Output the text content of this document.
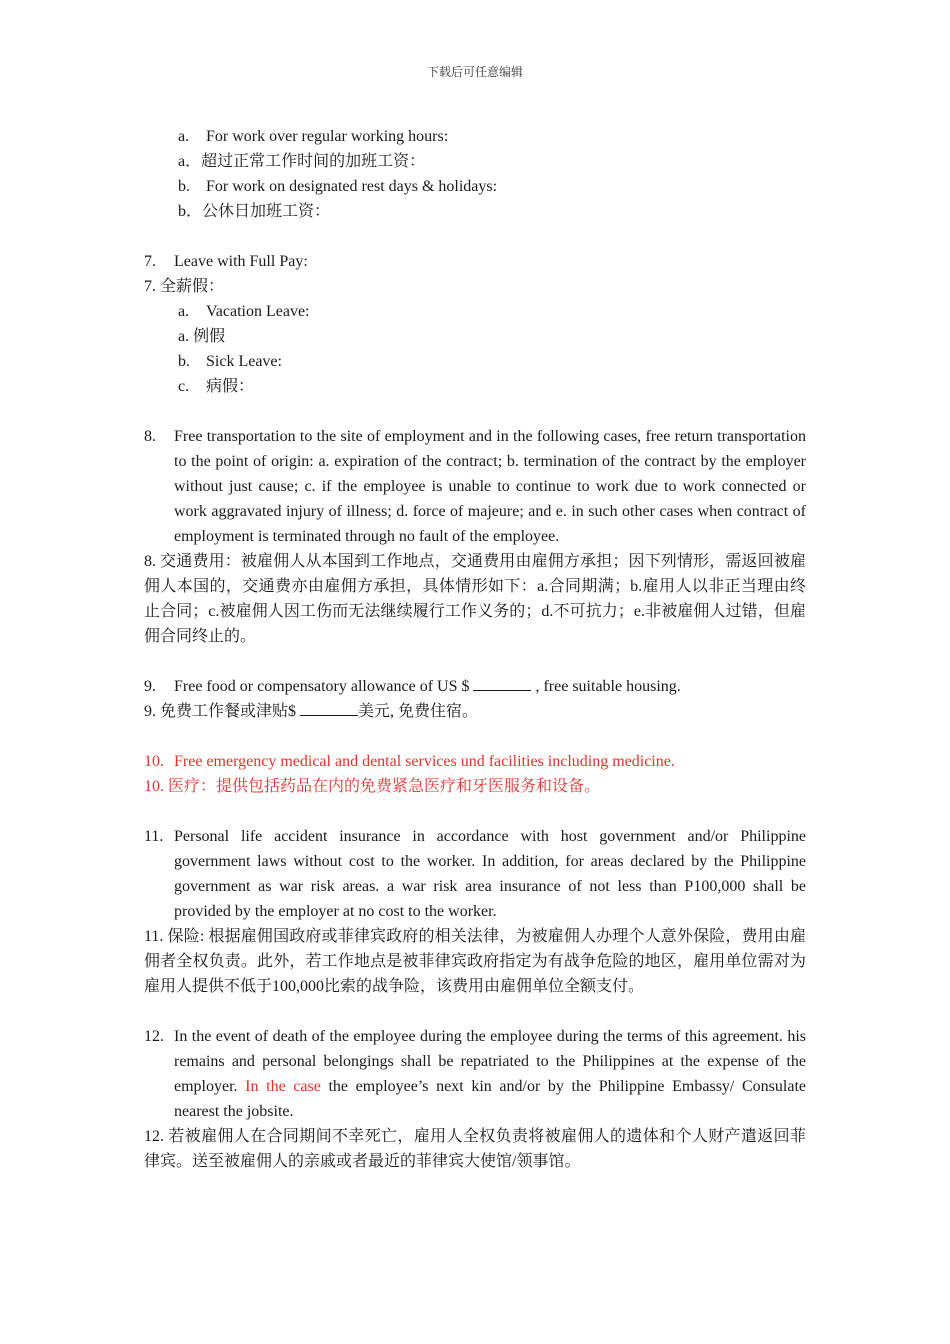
下载后可任意编辑

a.	For work over regular working hours:

a．超过正常工作时间的加班工资：

b.	For work on designated rest days & holidays:

b．公休日加班工资：

7.	Leave with Full Pay:

7. 全薪假：

a.	Vacation Leave:

a. 例假

b.	Sick Leave:

c.	病假：

8.	Free transportation to the site of employment and in the following cases, free return transportation to the point of origin: a. expiration of the contract; b. termination of the contract by the employer without just cause; c. if the employee is unable to continue to work due to work connected or work aggravated injury of illness; d. force of majeure; and e. in such other cases when contract of employment is terminated through no fault of the employee.

8. 交通费用：被雇佣人从本国到工作地点，交通费用由雇佣方承担；因下列情形，需返回被雇佣人本国的，交通费亦由雇佣方承担，具体情形如下：a.合同期满；b.雇用人以非正当理由终止合同；c.被雇佣人因工伤而无法继续履行工作义务的；d.不可抗力；e.非被雇佣人过错，但雇佣合同终止的。

9.	Free food or compensatory allowance of US $	, free suitable housing.

9. 免费工作餐或津贴$	美元, 免费住宿。

10. Free emergency medical and dental services und facilities including medicine.

10. 医疗：提供包括药品在内的免费紧急医疗和牙医服务和设备。

11. Personal life accident insurance in accordance with host government and/or Philippine government laws without cost to the worker. In addition, for areas declared by the Philippine government as war risk areas. a war risk area insurance of not less than P100,000 shall be provided by the employer at no cost to the worker.

11. 保险: 根据雇佣国政府或菲律宾政府的相关法律，为被雇佣人办理个人意外保险，费用由雇佣者全权负责。此外，若工作地点是被菲律宾政府指定为有战争危险的地区，雇用单位需对为雇用人提供不低于100,000比索的战争险，该费用由雇佣单位全额支付。

12. In the event of death of the employee during the employee during the terms of this agreement. his remains and personal belongings shall be repatriated to the Philippines at the expense of the employer. In the case the employee’s next kin and/or by the Philippine Embassy/ Consulate nearest the jobsite.

12. 若被雇佣人在合同期间不幸死亡，雇用人全权负责将被雇佣人的遗体和个人财产遣返回菲律宾。送至被雇佣人的亲戚或者最近的菲律宾大使馆/领事馆。
